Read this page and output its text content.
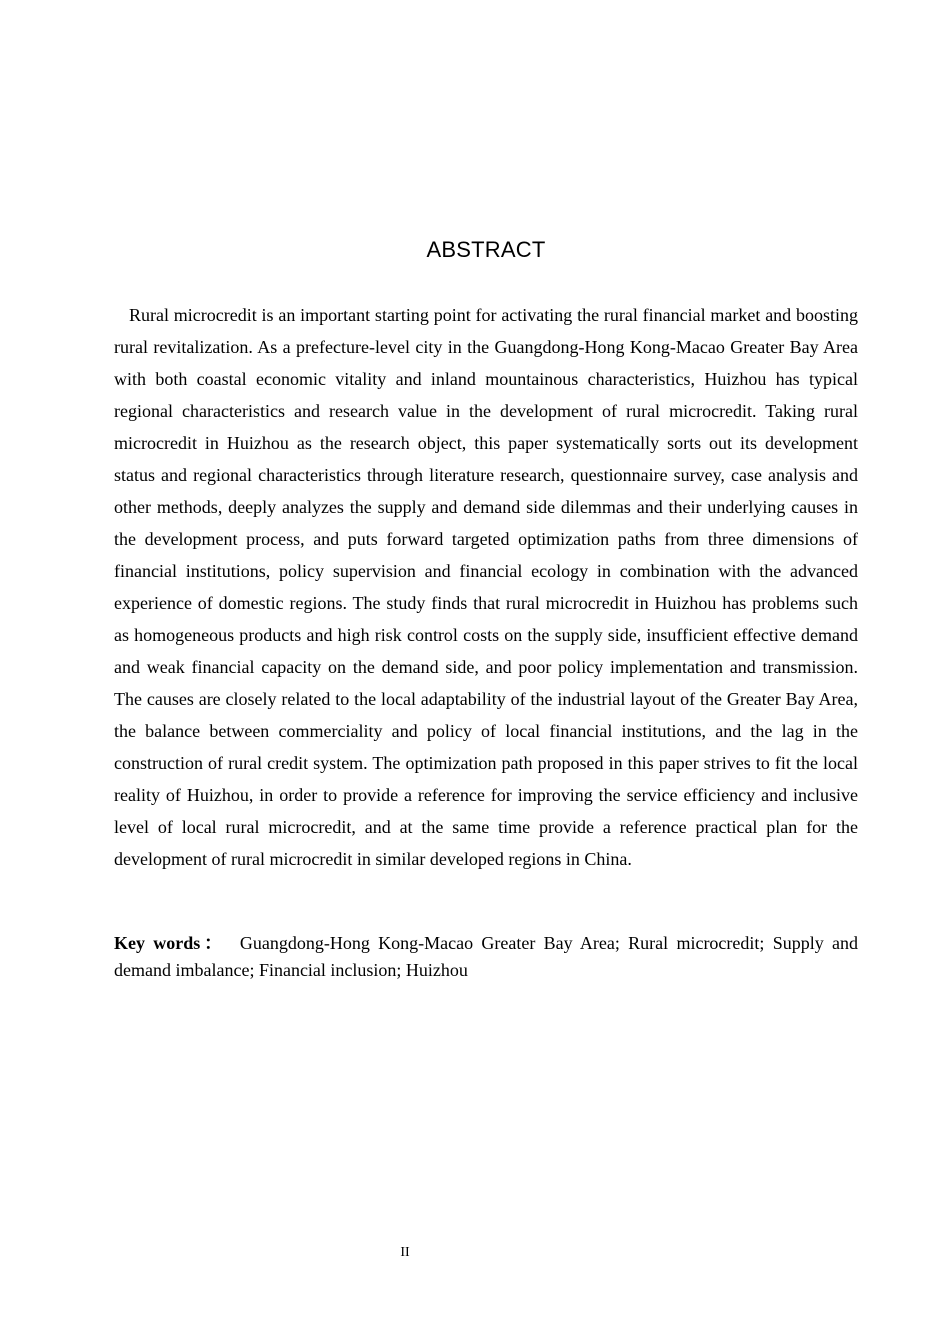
ABSTRACT

Rural microcredit is an important starting point for activating the rural financial market and boosting rural revitalization. As a prefecture-level city in the Guangdong-Hong Kong-Macao Greater Bay Area with both coastal economic vitality and inland mountainous characteristics, Huizhou has typical regional characteristics and research value in the development of rural microcredit. Taking rural microcredit in Huizhou as the research object, this paper systematically sorts out its development status and regional characteristics through literature research, questionnaire survey, case analysis and other methods, deeply analyzes the supply and demand side dilemmas and their underlying causes in the development process, and puts forward targeted optimization paths from three dimensions of financial institutions, policy supervision and financial ecology in combination with the advanced experience of domestic regions. The study finds that rural microcredit in Huizhou has problems such as homogeneous products and high risk control costs on the supply side, insufficient effective demand and weak financial capacity on the demand side, and poor policy implementation and transmission. The causes are closely related to the local adaptability of the industrial layout of the Greater Bay Area, the balance between commerciality and policy of local financial institutions, and the lag in the construction of rural credit system. The optimization path proposed in this paper strives to fit the local reality of Huizhou, in order to provide a reference for improving the service efficiency and inclusive level of local rural microcredit, and at the same time provide a reference practical plan for the development of rural microcredit in similar developed regions in China.

Key words： Guangdong-Hong Kong-Macao Greater Bay Area; Rural microcredit; Supply and demand imbalance; Financial inclusion; Huizhou

II
